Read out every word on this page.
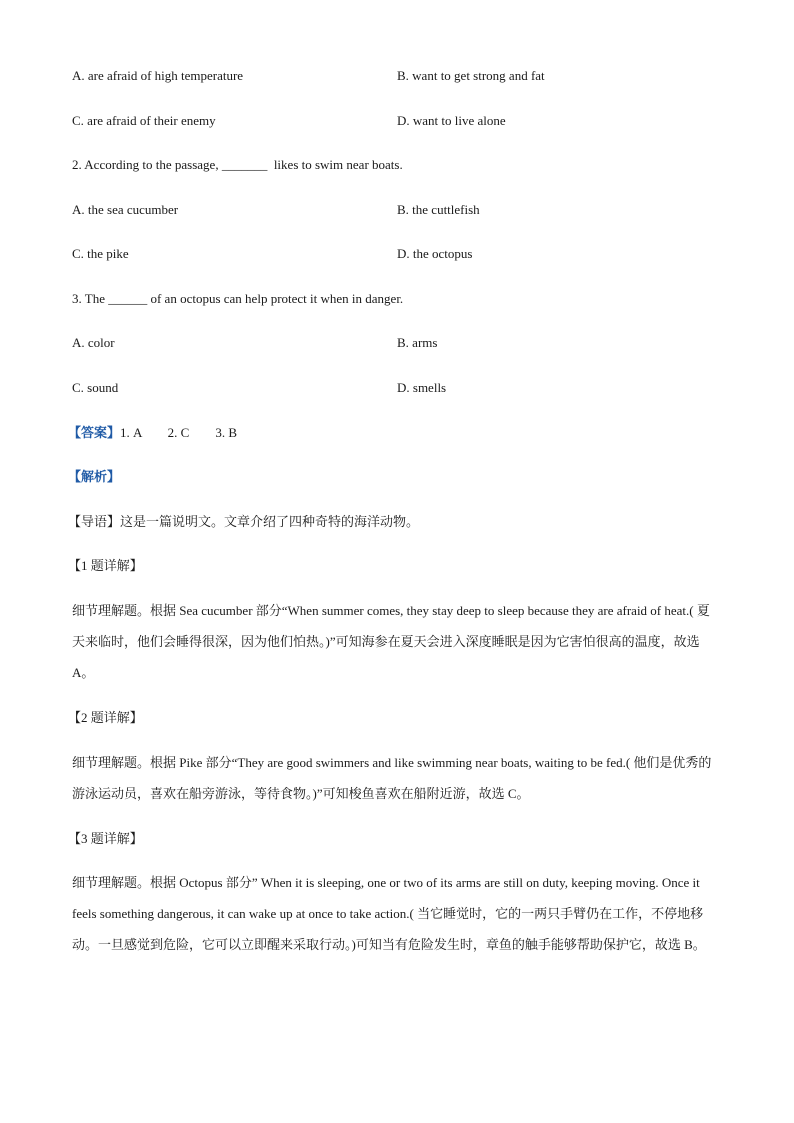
A. are afraid of high temperature	B. want to get strong and fat
C. are afraid of their enemy	D. want to live alone
2. According to the passage, _______  likes to swim near boats.
A. the sea cucumber	B. the cuttlefish
C. the pike	D. the octopus
3. The ______ of an octopus can help protect it when in danger.
A. color	B. arms
C. sound	D. smells
【答案】1. A        2. C        3. B
【解析】
【导语】这是一篇说明文。文章介绍了四种奇特的海洋动物。
【1 题详解】
细节理解题。根据 Sea cucumber 部分“When summer comes, they stay deep to sleep because they are afraid of heat.( 夏天来临时，他们会睡得很深，因为他们怕热。)”可知海参在夏天会进入深度睡眠是因为它害怕很高的温度，故选 A。
【2 题详解】
细节理解题。根据 Pike 部分“They are good swimmers and like swimming near boats, waiting to be fed.( 他们是优秀的游泳运动员，喜欢在船旁游泳，等待食物。)”可知梭鱼喜欢在船附近游，故选 C。
【3 题详解】
细节理解题。根据 Octopus 部分” When it is sleeping, one or two of its arms are still on duty, keeping moving. Once it feels something dangerous, it can wake up at once to take action.( 当它睡觉时，它的一两只手臂仍在工作，不停地移动。一旦感觉到危险，它可以立即醒来采取行动。)可知当有危险发生时，章鱼的触手能够帮助保护它，故选 B。
